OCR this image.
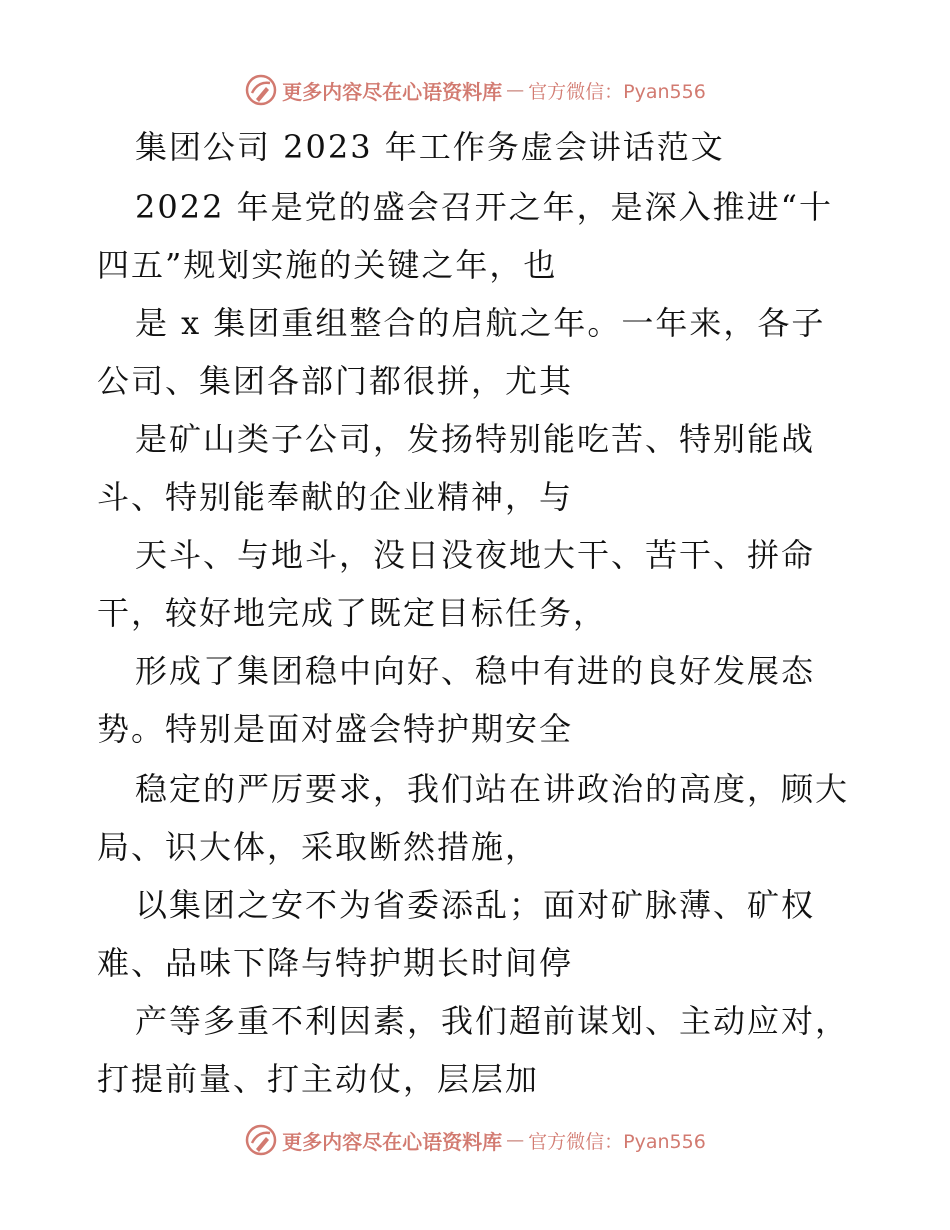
更多内容尽在心语资料库 — 官方微信：Pyan556
集团公司 2023 年工作务虚会讲话范文
2022 年是党的盛会召开之年，是深入推进“十
四五”规划实施的关键之年，也
是 x 集团重组整合的启航之年。一年来，各子
公司、集团各部门都很拼，尤其
是矿山类子公司，发扬特别能吃苦、特别能战
斗、特别能奉献的企业精神，与
天斗、与地斗，没日没夜地大干、苦干、拼命
干，较好地完成了既定目标任务，
形成了集团稳中向好、稳中有进的良好发展态
势。特别是面对盛会特护期安全
稳定的严厉要求，我们站在讲政治的高度，顾大
局、识大体，采取断然措施，
以集团之安不为省委添乱；面对矿脉薄、矿权
难、品味下降与特护期长时间停
产等多重不利因素，我们超前谋划、主动应对，
打提前量、打主动仗，层层加
更多内容尽在心语资料库 — 官方微信：Pyan556
